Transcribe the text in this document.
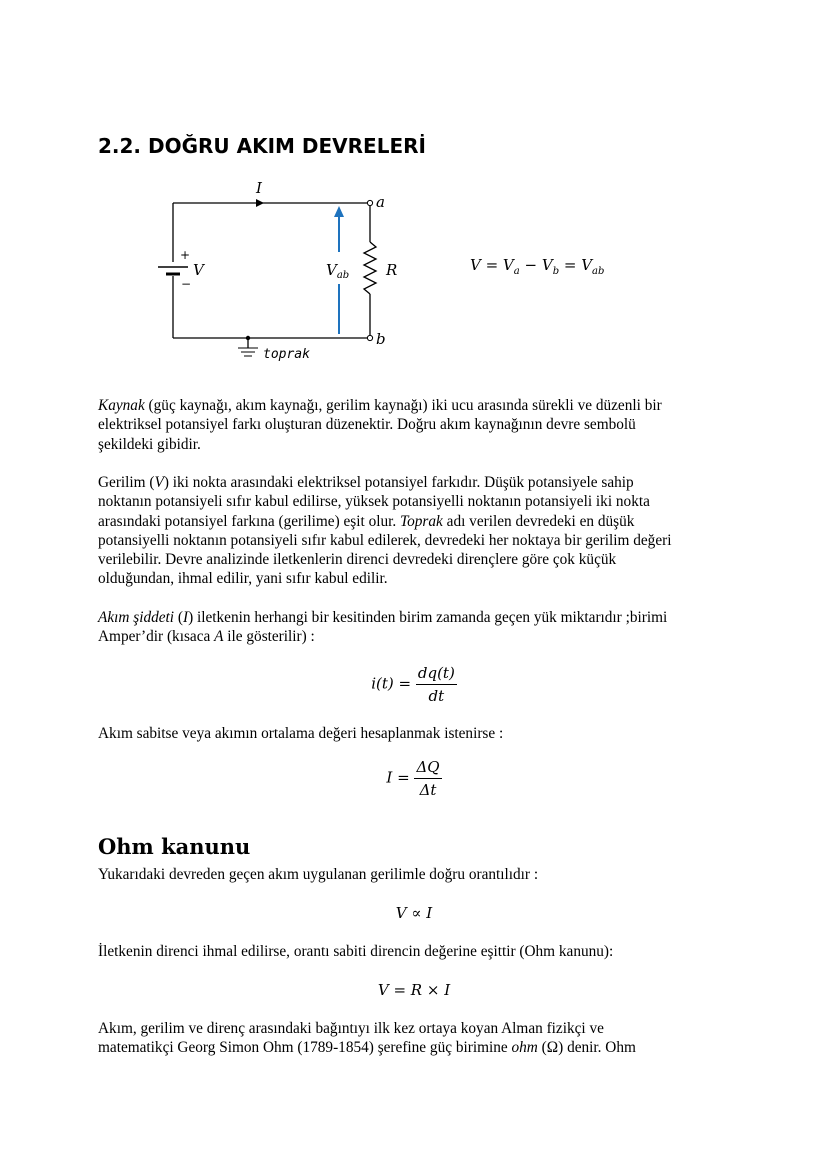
2.2. DOĞRU AKIM DEVRELERİ
I
a
b
+
−
V	$V_{ab}$ R
toprak
$V = V_a - V_b = V_{ab}$
Kaynak (güç kaynağı, akım kaynağı, gerilim kaynağı) iki ucu arasında sürekli ve düzenli bir
elektriksel potansiyel farkı oluşturan düzenektir. Doğru akım kaynağının devre sembolü
şekildeki gibidir.
Gerilim (V) iki nokta arasındaki elektriksel potansiyel farkıdır. Düşük potansiyele sahip
noktanın potansiyeli sıfır kabul edilirse, yüksek potansiyelli noktanın potansiyeli iki nokta
arasındaki potansiyel farkına (gerilime) eşit olur. Toprak adı verilen devredeki en düşük
potansiyelli noktanın potansiyeli sıfır kabul edilerek, devredeki her noktaya bir gerilim değeri
verilebilir. Devre analizinde iletkenlerin direnci devredeki dirençlere göre çok küçük
olduğundan, ihmal edilir, yani sıfır kabul edilir.
Akım şiddeti (I) iletkenin herhangi bir kesitinden birim zamanda geçen yük miktarıdır ;birimi
Amper’dir (kısaca A ile gösterilir) :
$i(t) = \frac{dq(t)}{dt}$
Akım sabitse veya akımın ortalama değeri hesaplanmak istenirse :
$I = \frac{\Delta Q}{\Delta t}$
Ohm kanunu
Yukarıdaki devreden geçen akım uygulanan gerilimle doğru orantılıdır :
V ∝ I
İletkenin direnci ihmal edilirse, orantı sabiti direncin değerine eşittir (Ohm kanunu):
V = R × I
Akım, gerilim ve direnç arasındaki bağıntıyı ilk kez ortaya koyan Alman fizikçi ve
matematikçi Georg Simon Ohm (1789-1854) şerefine güç birimine ohm (Ω) denir. Ohm
